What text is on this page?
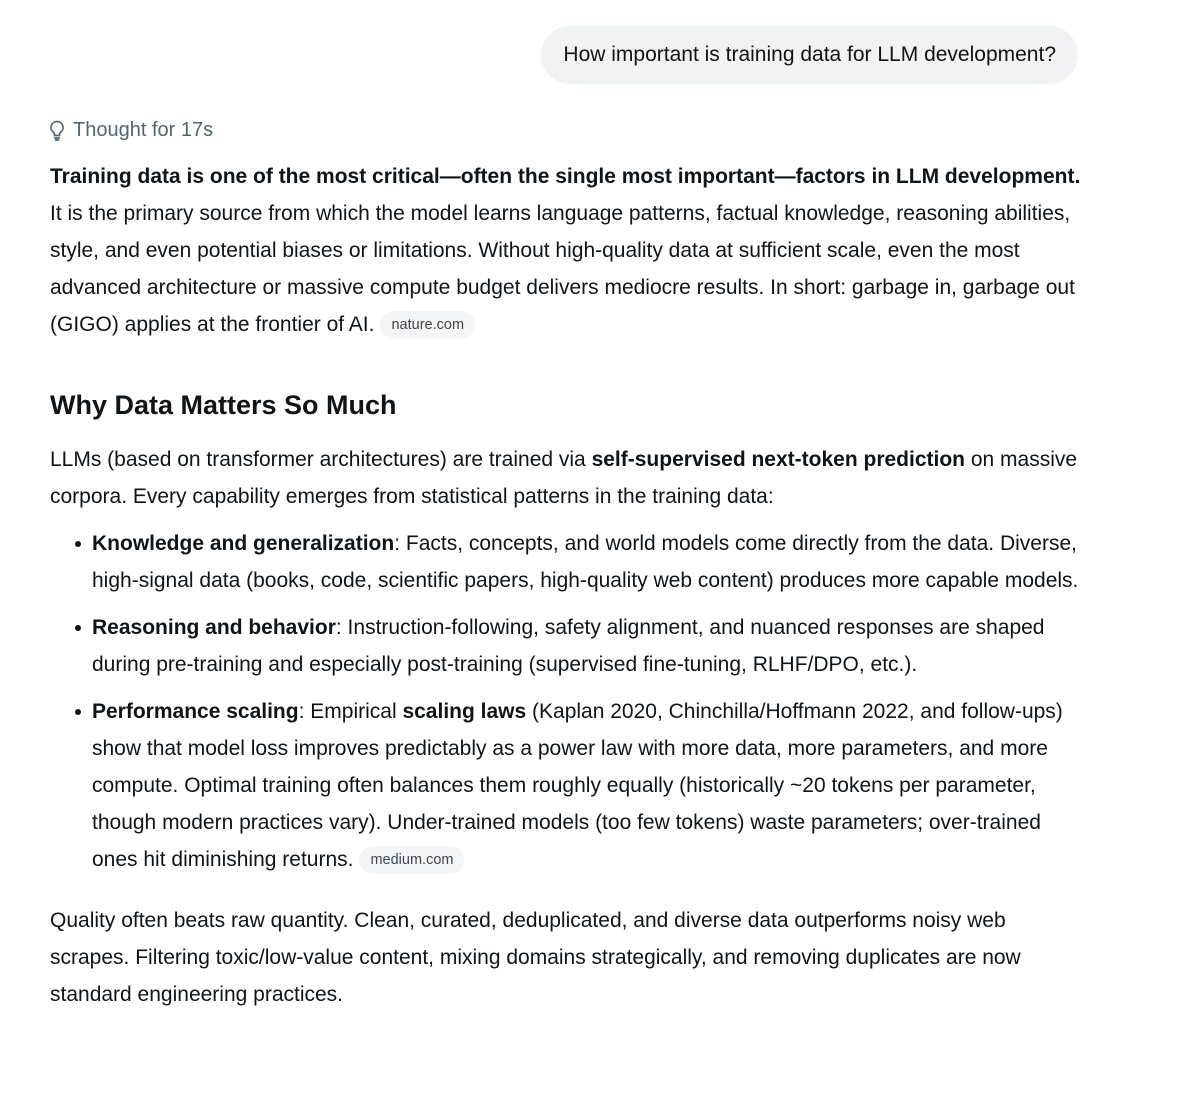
How important is training data for LLM development?
Thought for 17s

Training data is one of the most critical—often the single most important—factors in LLM development. It is the primary source from which the model learns language patterns, factual knowledge, reasoning abilities, style, and even potential biases or limitations. Without high-quality data at sufficient scale, even the most advanced architecture or massive compute budget delivers mediocre results. In short: garbage in, garbage out (GIGO) applies at the frontier of AI. nature.com

Why Data Matters So Much

LLMs (based on transformer architectures) are trained via self-supervised next-token prediction on massive corpora. Every capability emerges from statistical patterns in the training data:

Knowledge and generalization: Facts, concepts, and world models come directly from the data. Diverse, high-signal data (books, code, scientific papers, high-quality web content) produces more capable models.
Reasoning and behavior: Instruction-following, safety alignment, and nuanced responses are shaped during pre-training and especially post-training (supervised fine-tuning, RLHF/DPO, etc.).
Performance scaling: Empirical scaling laws (Kaplan 2020, Chinchilla/Hoffmann 2022, and follow-ups) show that model loss improves predictably as a power law with more data, more parameters, and more compute. Optimal training often balances them roughly equally (historically ~20 tokens per parameter, though modern practices vary). Under-trained models (too few tokens) waste parameters; over-trained ones hit diminishing returns. medium.com

Quality often beats raw quantity. Clean, curated, deduplicated, and diverse data outperforms noisy web scrapes. Filtering toxic/low-value content, mixing domains strategically, and removing duplicates are now standard engineering practices.
